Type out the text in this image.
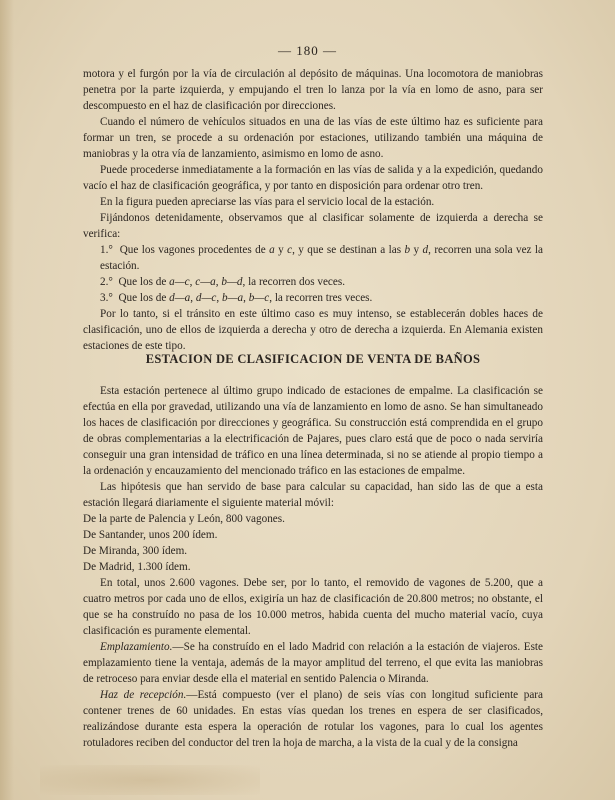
— 180 —

motora y el furgón por la vía de circulación al depósito de máquinas. Una locomotora de maniobras penetra por la parte izquierda, y empujando el tren lo lanza por la vía en lomo de asno, para ser descompuesto en el haz de clasificación por direcciones.

Cuando el número de vehículos situados en una de las vías de este último haz es suficiente para formar un tren, se procede a su ordenación por estaciones, utilizando también una máquina de maniobras y la otra vía de lanzamiento, asimismo en lomo de asno.

Puede procederse inmediatamente a la formación en las vías de salida y a la expedición, quedando vacío el haz de clasificación geográfica, y por tanto en disposición para ordenar otro tren.

En la figura pueden apreciarse las vías para el servicio local de la estación.

Fijándonos detenidamente, observamos que al clasificar solamente de izquierda a derecha se verifica:

1.° Que los vagones procedentes de a y c, y que se destinan a las b y d, recorren una sola vez la estación.

2.° Que los de a—c, c—a, b—d, la recorren dos veces.

3.° Que los de d—a, d—c, b—a, b—c, la recorren tres veces.

Por lo tanto, si el tránsito en este último caso es muy intenso, se establecerán dobles haces de clasificación, uno de ellos de izquierda a derecha y otro de derecha a izquierda. En Alemania existen estaciones de este tipo.

ESTACION DE CLASIFICACION DE VENTA DE BAÑOS

Esta estación pertenece al último grupo indicado de estaciones de empalme. La clasificación se efectúa en ella por gravedad, utilizando una vía de lanzamiento en lomo de asno. Se han simultaneado los haces de clasificación por direcciones y geográfica. Su construcción está comprendida en el grupo de obras complementarias a la electrificación de Pajares, pues claro está que de poco o nada serviría conseguir una gran intensidad de tráfico en una línea determinada, si no se atiende al propio tiempo a la ordenación y encauzamiento del mencionado tráfico en las estaciones de empalme.

Las hipótesis que han servido de base para calcular su capacidad, han sido las de que a esta estación llegará diariamente el siguiente material móvil:

De la parte de Palencia y León, 800 vagones.

De Santander, unos 200 ídem.

De Miranda, 300 ídem.

De Madrid, 1.300 ídem.

En total, unos 2.600 vagones. Debe ser, por lo tanto, el removido de vagones de 5.200, que a cuatro metros por cada uno de ellos, exigiría un haz de clasificación de 20.800 metros; no obstante, el que se ha construído no pasa de los 10.000 metros, habida cuenta del mucho material vacío, cuya clasificación es puramente elemental.

Emplazamiento.—Se ha construído en el lado Madrid con relación a la estación de viajeros. Este emplazamiento tiene la ventaja, además de la mayor amplitud del terreno, el que evita las maniobras de retroceso para enviar desde ella el material en sentido Palencia o Miranda.

Haz de recepción.—Está compuesto (ver el plano) de seis vías con longitud suficiente para contener trenes de 60 unidades. En estas vías quedan los trenes en espera de ser clasificados, realizándose durante esta espera la operación de rotular los vagones, para lo cual los agentes rotuladores reciben del conductor del tren la hoja de marcha, a la vista de la cual y de la consigna
